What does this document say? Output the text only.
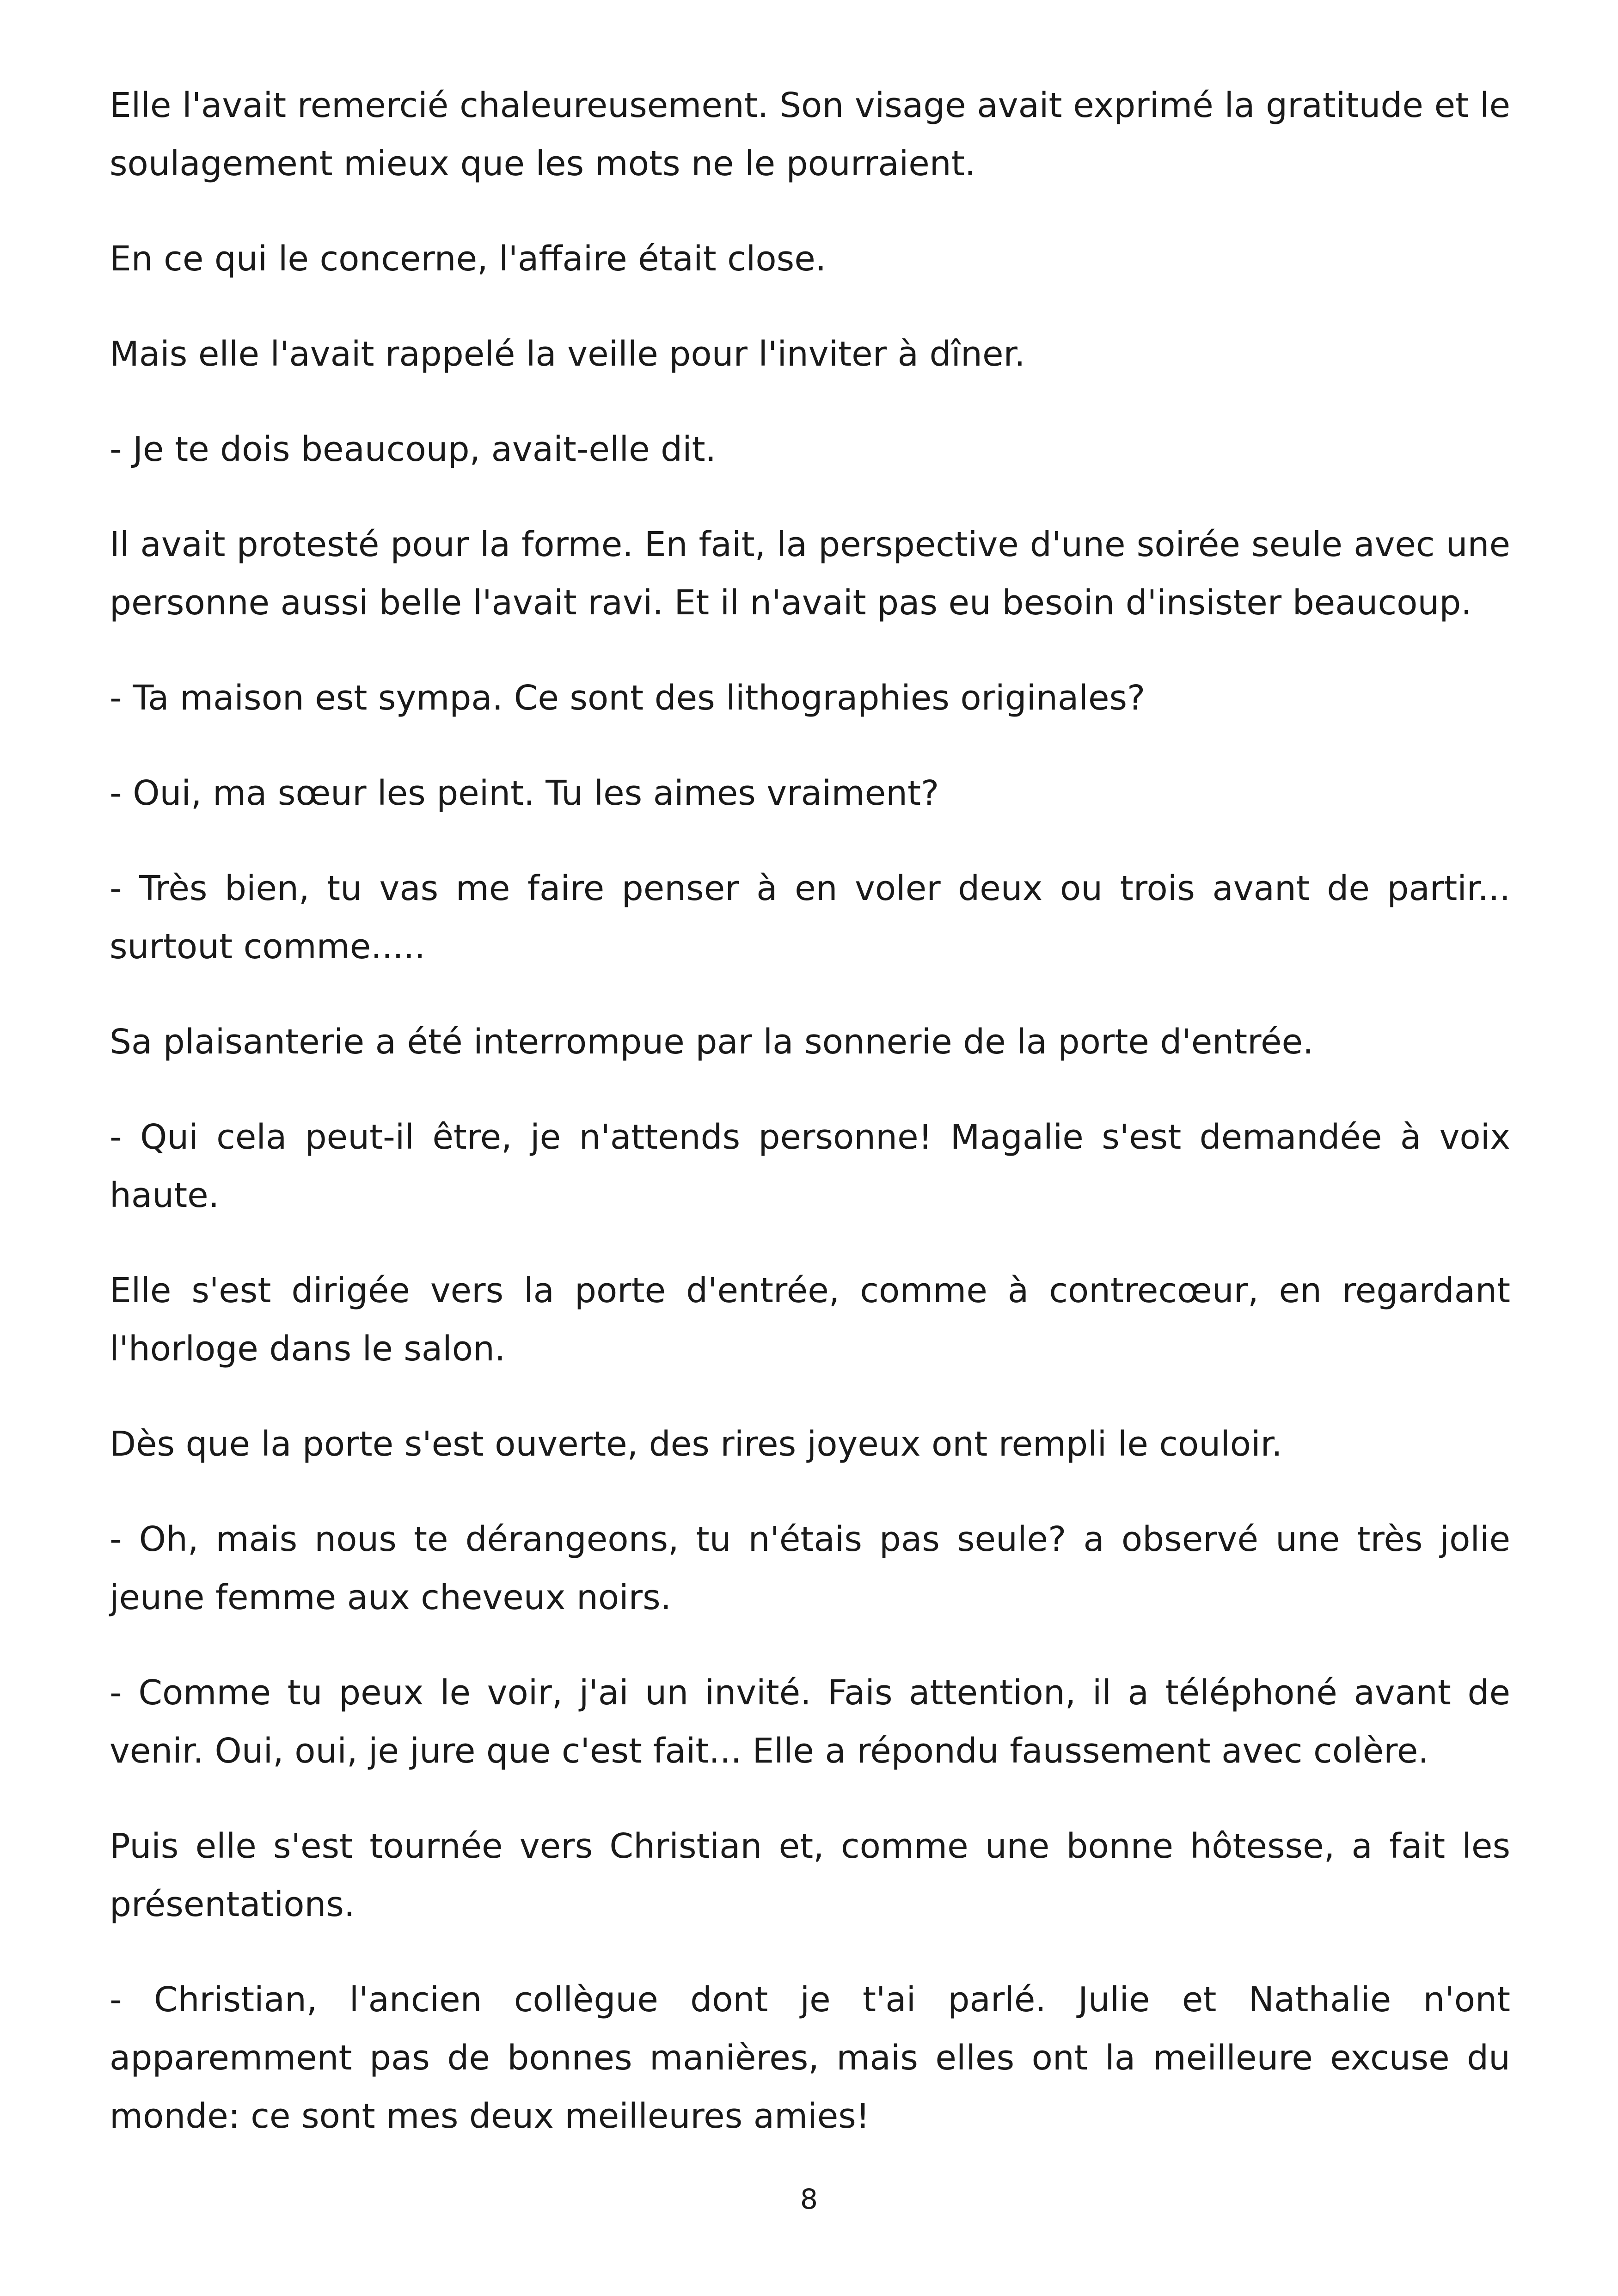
Elle l'avait remercié chaleureusement. Son visage avait exprimé la gratitude et le soulagement mieux que les mots ne le pourraient.

En ce qui le concerne, l'affaire était close.

Mais elle l'avait rappelé la veille pour l'inviter à dîner.

- Je te dois beaucoup, avait-elle dit.

Il avait protesté pour la forme. En fait, la perspective d'une soirée seule avec une personne aussi belle l'avait ravi. Et il n'avait pas eu besoin d'insister beaucoup.

- Ta maison est sympa. Ce sont des lithographies originales?

- Oui, ma sœur les peint. Tu les aimes vraiment?

- Très bien, tu vas me faire penser à en voler deux ou trois avant de partir... surtout comme.....

Sa plaisanterie a été interrompue par la sonnerie de la porte d'entrée.

- Qui cela peut-il être, je n'attends personne! Magalie s'est demandée à voix haute.

Elle s'est dirigée vers la porte d'entrée, comme à contrecœur, en regardant l'horloge dans le salon.

Dès que la porte s'est ouverte, des rires joyeux ont rempli le couloir.

- Oh, mais nous te dérangeons, tu n'étais pas seule? a observé une très jolie jeune femme aux cheveux noirs.

- Comme tu peux le voir, j'ai un invité. Fais attention, il a téléphoné avant de venir. Oui, oui, je jure que c'est fait... Elle a répondu faussement avec colère.

Puis elle s'est tournée vers Christian et, comme une bonne hôtesse, a fait les présentations.

- Christian, l'ancien collègue dont je t'ai parlé. Julie et Nathalie n'ont apparemment pas de bonnes manières, mais elles ont la meilleure excuse du monde: ce sont mes deux meilleures amies!

8
